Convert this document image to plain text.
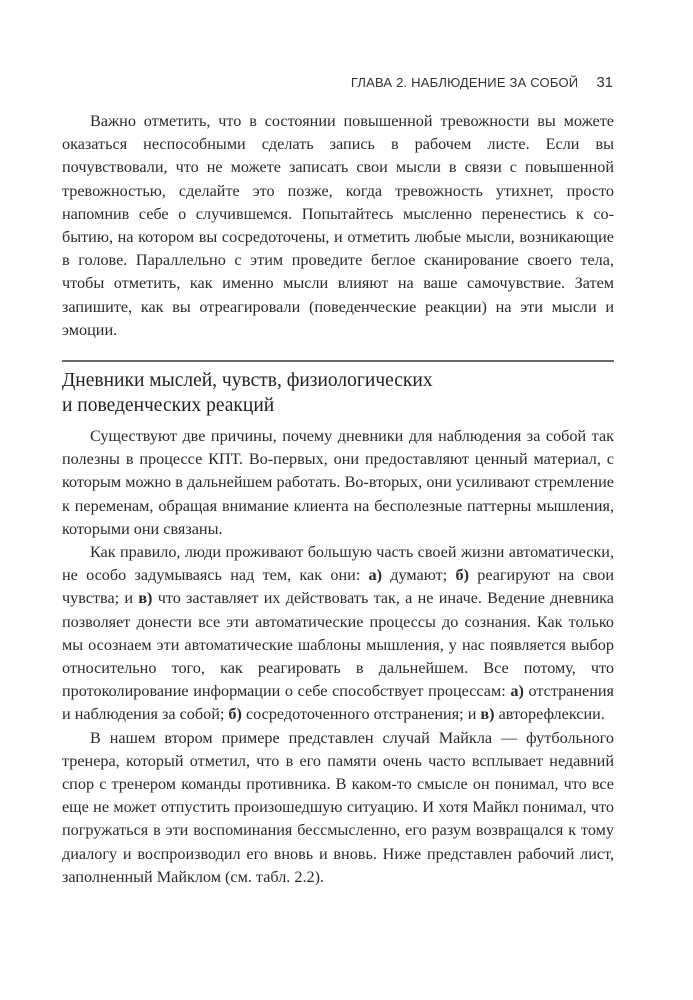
ГЛАВА 2. НАБЛЮДЕНИЕ ЗА СОБОЙ 31

Важно отметить, что в состоянии повышенной тревожности вы можете оказаться неспособными сделать запись в рабочем листе. Если вы почувствовали, что не можете записать свои мысли в связи с повышенной тревожностью, сделайте это позже, когда тревожность утихнет, просто напомнив себе о случившемся. Попытайтесь мысленно перенестись к событию, на котором вы сосредоточены, и отметить любые мысли, возникающие в голове. Параллельно с этим проведите беглое сканирование своего тела, чтобы отметить, как именно мысли влияют на ваше самочувствие. Затем запишите, как вы отреагировали (поведенческие реакции) на эти мысли и эмоции.

Дневники мыслей, чувств, физиологических
и поведенческих реакций

Существуют две причины, почему дневники для наблюдения за собой так полезны в процессе КПТ. Во-первых, они предоставляют ценный материал, с которым можно в дальнейшем работать. Во-вторых, они усиливают стремление к переменам, обращая внимание клиента на бесполезные паттерны мышления, которыми они связаны.

Как правило, люди проживают большую часть своей жизни автоматически, не особо задумываясь над тем, как они: а) думают; б) реагируют на свои чувства; и в) что заставляет их действовать так, а не иначе. Ведение дневника позволяет донести все эти автоматические процессы до сознания. Как только мы осознаем эти автоматические шаблоны мышления, у нас появляется выбор относительно того, как реагировать в дальнейшем. Все потому, что протоколирование информации о себе способствует процессам: а) отстранения и наблюдения за собой; б) сосредоточенного отстранения; и в) авторефлексии.

В нашем втором примере представлен случай Майкла — футбольного тренера, который отметил, что в его памяти очень часто всплывает недавний спор с тренером команды противника. В каком-то смысле он понимал, что все еще не может отпустить произошедшую ситуацию. И хотя Майкл понимал, что погружаться в эти воспоминания бессмысленно, его разум возвращался к тому диалогу и воспроизводил его вновь и вновь. Ниже представлен рабочий лист, заполненный Майклом (см. табл. 2.2).
